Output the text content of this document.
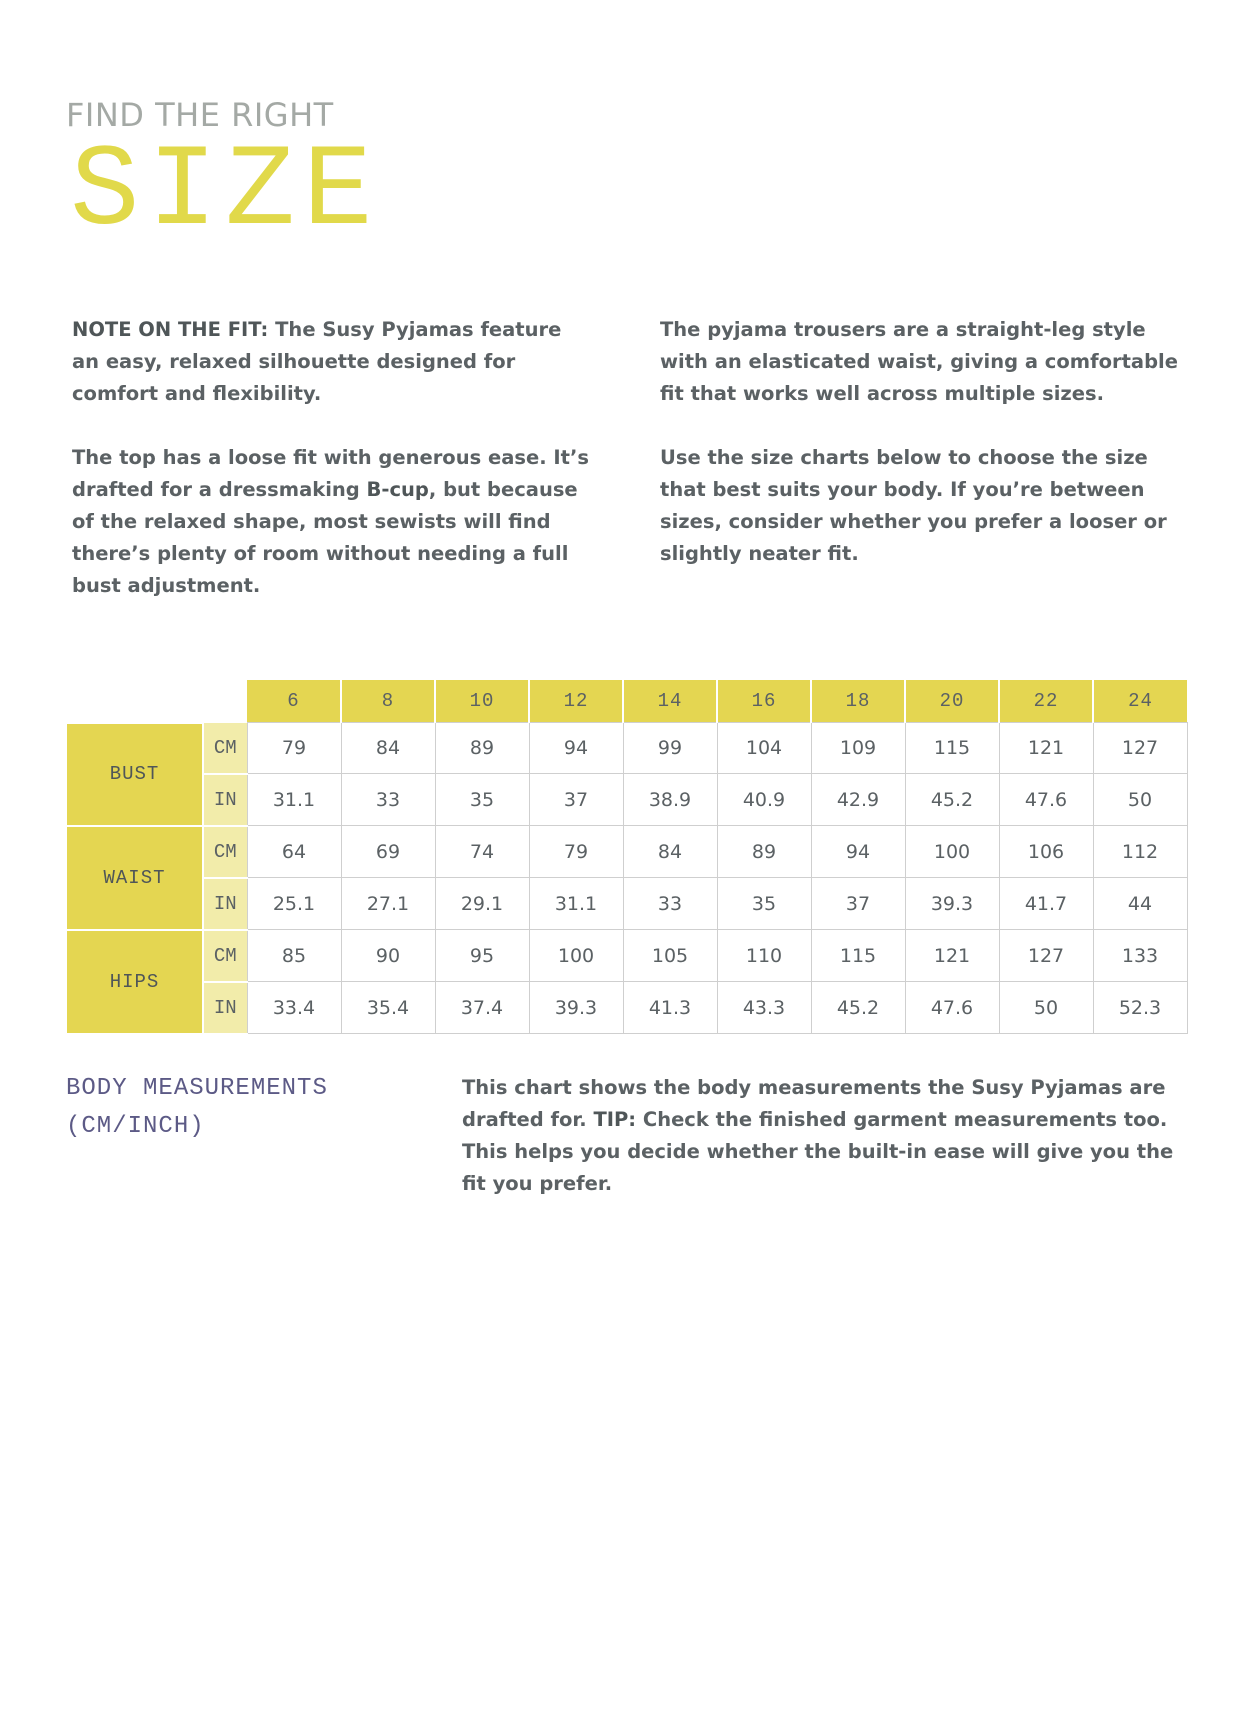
FIND THE RIGHT
SIZE

NOTE ON THE FIT: The Susy Pyjamas feature an easy, relaxed silhouette designed for comfort and flexibility.

The top has a loose fit with generous ease. It’s drafted for a dressmaking B-cup, but because of the relaxed shape, most sewists will find there’s plenty of room without needing a full bust adjustment.

The pyjama trousers are a straight-leg style with an elasticated waist, giving a comfortable fit that works well across multiple sizes.

Use the size charts below to choose the size that best suits your body. If you’re between sizes, consider whether you prefer a looser or slightly neater fit.

		6	8	10	12	14	16	18	20	22	24
BUST	CM	79	84	89	94	99	104	109	115	121	127
	IN	31.1	33	35	37	38.9	40.9	42.9	45.2	47.6	50
WAIST	CM	64	69	74	79	84	89	94	100	106	112
	IN	25.1	27.1	29.1	31.1	33	35	37	39.3	41.7	44
HIPS	CM	85	90	95	100	105	110	115	121	127	133
	IN	33.4	35.4	37.4	39.3	41.3	43.3	45.2	47.6	50	52.3
BODY MEASUREMENTS
(CM/INCH)
This chart shows the body measurements the Susy Pyjamas are drafted for. TIP: Check the finished garment measurements too. This helps you decide whether the built-in ease will give you the fit you prefer.
